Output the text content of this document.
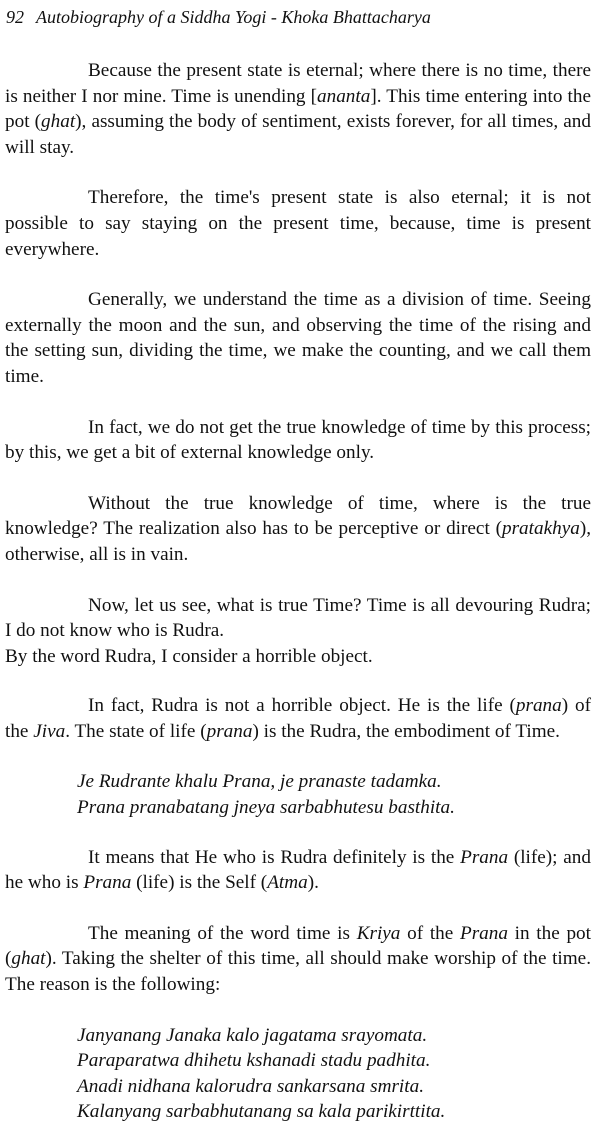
92 Autobiography of a Siddha Yogi - Khoka Bhattacharya

Because the present state is eternal; where there is no time, there is neither I nor mine. Time is unending [ananta]. This time entering into the pot (ghat), assuming the body of sentiment, exists forever, for all times, and will stay.

Therefore, the time's present state is also eternal; it is not possible to say staying on the present time, because, time is present everywhere.

Generally, we understand the time as a division of time. Seeing externally the moon and the sun, and observing the time of the rising and the setting sun, dividing the time, we make the counting, and we call them time.

In fact, we do not get the true knowledge of time by this process; by this, we get a bit of external knowledge only.

Without the true knowledge of time, where is the true knowledge? The realization also has to be perceptive or direct (pratakhya), otherwise, all is in vain.

Now, let us see, what is true Time? Time is all devouring Rudra; I do not know who is Rudra.

By the word Rudra, I consider a horrible object.

In fact, Rudra is not a horrible object. He is the life (prana) of the Jiva. The state of life (prana) is the Rudra, the embodiment of Time.

Je Rudrante khalu Prana, je pranaste tadamka.
Prana pranabatang jneya sarbabhutesu basthita.

It means that He who is Rudra definitely is the Prana (life); and he who is Prana (life) is the Self (Atma).

The meaning of the word time is Kriya of the Prana in the pot (ghat). Taking the shelter of this time, all should make worship of the time. The reason is the following:

Janyanang Janaka kalo jagatama srayomata.
Paraparatwa dhihetu kshanadi stadu padhita.
Anadi nidhana kalorudra sankarsana smrita.
Kalanyang sarbabhutanang sa kala parikirttita.
